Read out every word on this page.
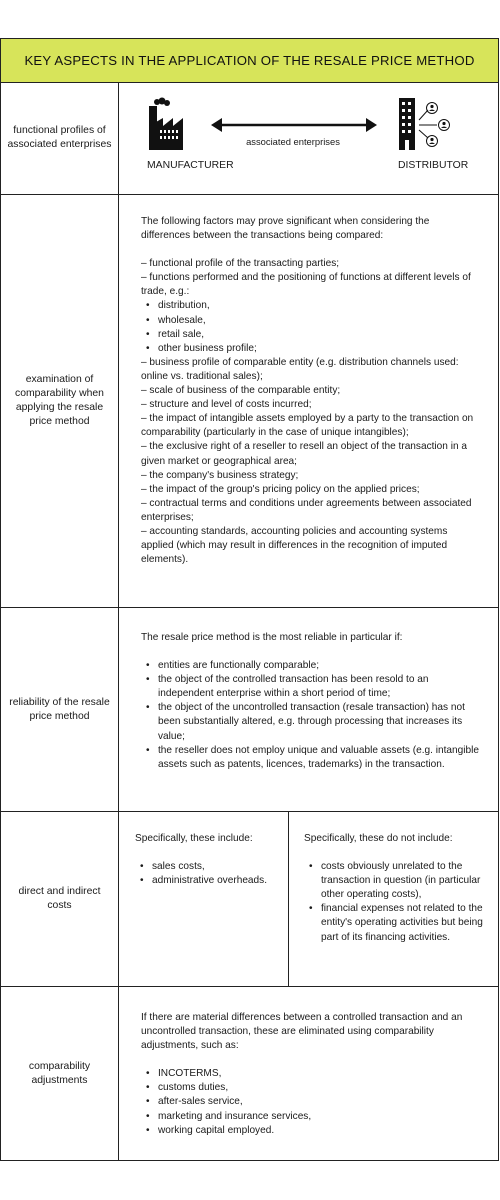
KEY ASPECTS IN THE APPLICATION OF THE RESALE PRICE METHOD
functional profiles of associated enterprises	associated enterprises
MANUFACTURER	DISTRIBUTOR
examination of comparability when applying the resale price method

The following factors may prove significant when considering the differences between the transactions being compared:

– functional profile of the transacting parties;

– functions performed and the positioning of functions at different levels of trade, e.g.:

• distribution,
• wholesale,
• retail sale,
• other business profile;

– business profile of comparable entity (e.g. distribution channels used: online vs. traditional sales);

– scale of business of the comparable entity;

– structure and level of costs incurred;

– the impact of intangible assets employed by a party to the transaction on comparability (particularly in the case of unique intangibles);

– the exclusive right of a reseller to resell an object of the transaction in a given market or geographical area;

– the company's business strategy;

– the impact of the group's pricing policy on the applied prices;

– contractual terms and conditions under agreements between associated enterprises;

– accounting standards, accounting policies and accounting systems applied (which may result in differences in the recognition of imputed elements).

reliability of the resale price method

The resale price method is the most reliable in particular if:

• entities are functionally comparable;
• the object of the controlled transaction has been resold to an independent enterprise within a short period of time;
• the object of the uncontrolled transaction (resale transaction) has not been substantially altered, e.g. through processing that increases its value;
• the reseller does not employ unique and valuable assets (e.g. intangible assets such as patents, licences, trademarks) in the transaction.
direct and indirect costs

Specifically, these include:

• sales costs,
• administrative overheads.

Specifically, these do not include:

• costs obviously unrelated to the transaction in question (in particular other operating costs),
• financial expenses not related to the entity's operating activities but being part of its financing activities.
comparability adjustments

If there are material differences between a controlled transaction and an uncontrolled transaction, these are eliminated using comparability adjustments, such as:

• INCOTERMS,
• customs duties,
• after-sales service,
• marketing and insurance services,
• working capital employed.
